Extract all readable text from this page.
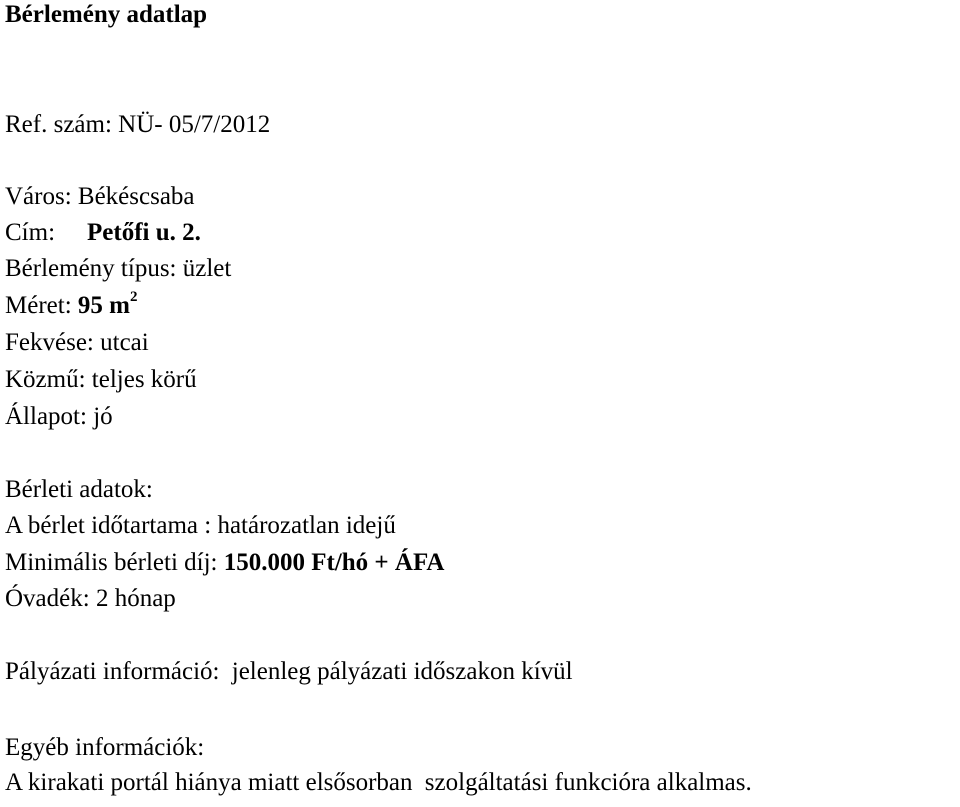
Bérlemény adatlap
Ref. szám: NÜ- 05/7/2012
Város: Békéscsaba
Cím: Petőfi u. 2.
Bérlemény típus: üzlet
Méret: 95 $m^2$
Fekvése: utcai
Közmű: teljes körű
Állapot: jó
Bérleti adatok:
A bérlet időtartama : határozatlan idejű
Minimális bérleti díj: 150.000 Ft/hó + ÁFA
Óvadék: 2 hónap
Pályázati információ: jelenleg pályázati időszakon kívül
Egyéb információk:
A kirakati portál hiánya miatt elsősorban szolgáltatási funkcióra alkalmas.
